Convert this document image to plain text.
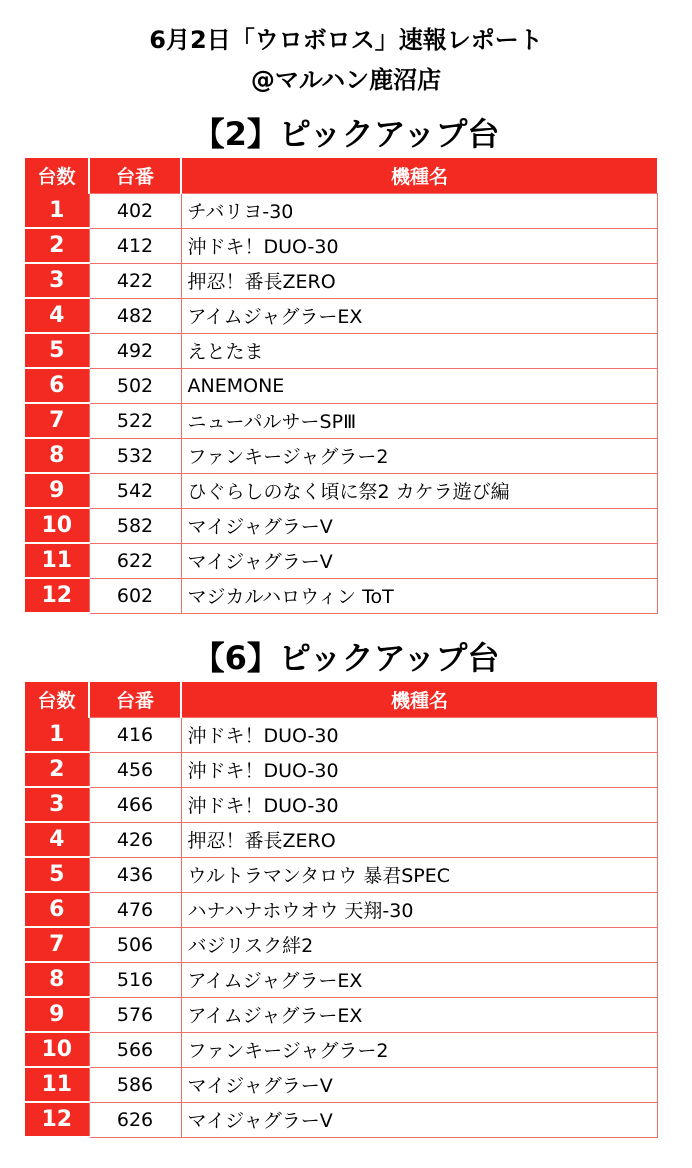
6月2日「ウロボロス」速報レポート
@マルハン鹿沼店
【2】ピックアップ台
台数	台番	機種名
1	402	チバリヨ-30
2	412	沖ドキ！DUO-30
3	422	押忍！番長ZERO
4	482	アイムジャグラーEX
5	492	えとたま
6	502	ANEMONE
7	522	ニューパルサーSPⅢ
8	532	ファンキージャグラー2
9	542	ひぐらしのなく頃に祭2 カケラ遊び編
10	582	マイジャグラーV
11	622	マイジャグラーV
12	602	マジカルハロウィン ToT
【6】ピックアップ台
台数	台番	機種名
1	416	沖ドキ！DUO-30
2	456	沖ドキ！DUO-30
3	466	沖ドキ！DUO-30
4	426	押忍！番長ZERO
5	436	ウルトラマンタロウ 暴君SPEC
6	476	ハナハナホウオウ 天翔-30
7	506	バジリスク絆2
8	516	アイムジャグラーEX
9	576	アイムジャグラーEX
10	566	ファンキージャグラー2
11	586	マイジャグラーV
12	626	マイジャグラーV
